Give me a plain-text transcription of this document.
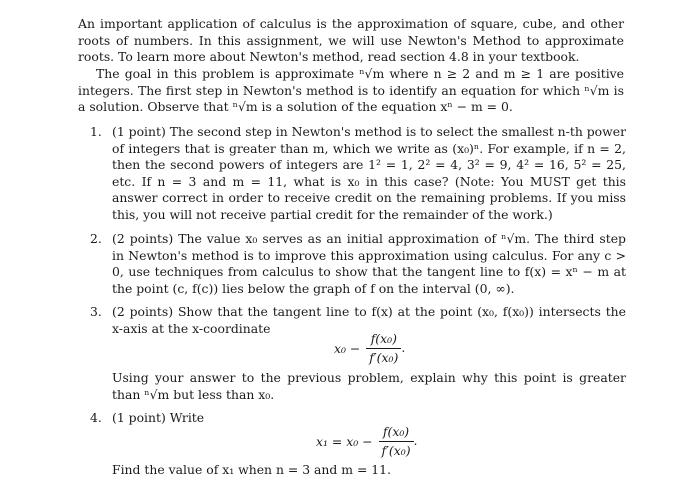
An important application of calculus is the approximation of square, cube, and other roots of numbers. In this assignment, we will use Newton's Method to approximate roots. To learn more about Newton's method, read section 4.8 in your textbook.
The goal in this problem is approximate ⁿ√m where n ≥ 2 and m ≥ 1 are positive integers. The first step in Newton's method is to identify an equation for which ⁿ√m is a solution. Observe that ⁿ√m is a solution of the equation xⁿ − m = 0.
1. (1 point) The second step in Newton's method is to select the smallest n-th power of integers that is greater than m, which we write as (x₀)ⁿ. For example, if n = 2, then the second powers of integers are 1² = 1, 2² = 4, 3² = 9, 4² = 16, 5² = 25, etc. If n = 3 and m = 11, what is x₀ in this case? (Note: You MUST get this answer correct in order to receive credit on the remaining problems. If you miss this, you will not receive partial credit for the remainder of the work.)

2. (2 points) The value x₀ serves as an initial approximation of ⁿ√m. The third step in Newton's method is to improve this approximation using calculus. For any c > 0, use techniques from calculus to show that the tangent line to f(x) = xⁿ − m at the point (c, f(c)) lies below the graph of f on the interval (0, ∞).

3. (2 points) Show that the tangent line to f(x) at the point (x₀, f(x₀)) intersects the x-axis at the x-coordinate

$x_0 - \frac{\text{f(x₀)}}{\text{f′(x₀)}}$ .

Using your answer to the previous problem, explain why this point is greater than ⁿ√m but less than x₀.

4. (1 point) Write

$x_1 = x_0 - \frac{\text{f(x₀)}}{\text{f′(x₀)}}$ .

Find the value of x₁ when n = 3 and m = 11.
